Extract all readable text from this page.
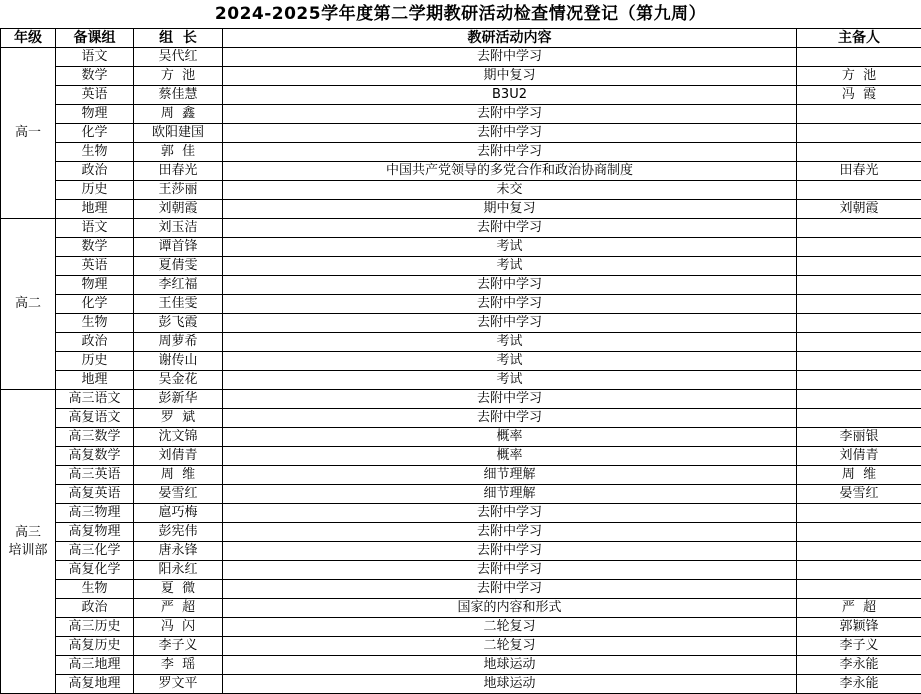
2024-2025学年度第二学期教研活动检查情况登记（第九周）
年级	备课组	组  长	教研活动内容	主备人
高一	语文	吴代红	去附中学习	
	数学	方  池	期中复习	方  池
	英语	蔡佳慧	B3U2	冯  霞
	物理	周  鑫	去附中学习	
	化学	欧阳建国	去附中学习	
	生物	郭  佳	去附中学习	
	政治	田春光	中国共产党领导的多党合作和政治协商制度	田春光
	历史	王莎丽	未交	
	地理	刘朝霞	期中复习	刘朝霞
高二	语文	刘玉洁	去附中学习	
	数学	谭首锋	考试	
	英语	夏倩雯	考试	
	物理	李红福	去附中学习	
	化学	王佳雯	去附中学习	
	生物	彭飞霞	去附中学习	
	政治	周萝希	考试	
	历史	谢传山	考试	
	地理	吴金花	考试	
高三
培训部	高三语文	彭新华	去附中学习	
	高复语文	罗  斌	去附中学习	
	高三数学	沈文锦	概率	李丽银
	高复数学	刘倩青	概率	刘倩青
	高三英语	周  维	细节理解	周  维
	高复英语	晏雪红	细节理解	晏雪红
	高三物理	扈巧梅	去附中学习	
	高复物理	彭宪伟	去附中学习	
	高三化学	唐永锋	去附中学习	
	高复化学	阳永红	去附中学习	
	生物	夏  微	去附中学习	
	政治	严  超	国家的内容和形式	严  超
	高三历史	冯  闪	二轮复习	郭颖锋
	高复历史	李子义	二轮复习	李子义
	高三地理	李  瑶	地球运动	李永能
	高复地理	罗文平	地球运动	李永能
